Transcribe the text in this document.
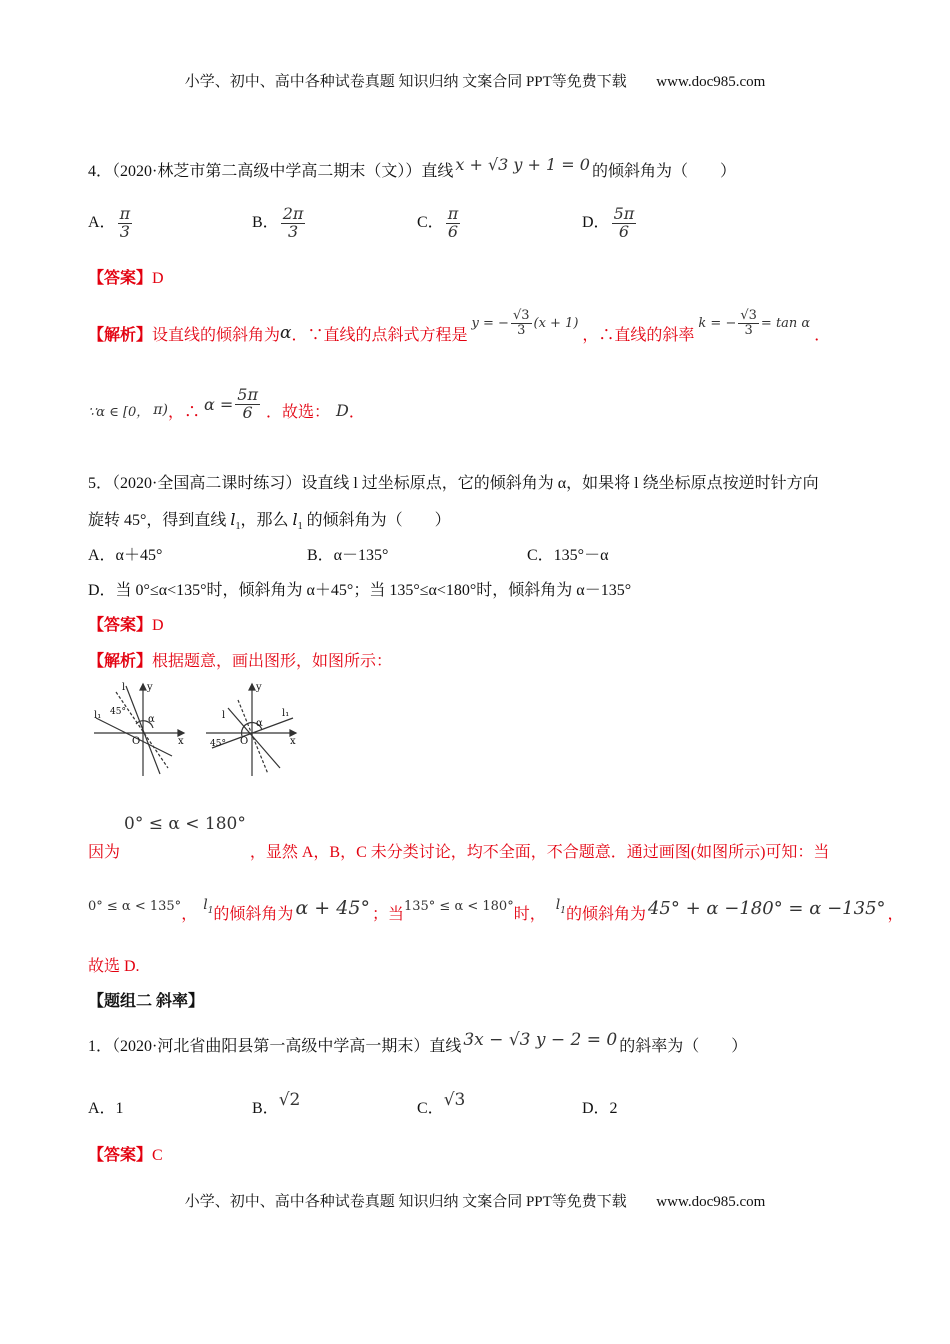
小学、初中、高中各种试卷真题 知识归纳 文案合同 PPT等免费下载 www.doc985.com
4．（2020·林芝市第二高级中学高二期末（文））直线 x + √3 y + 1 = 0 的倾斜角为（　　）
A． $\frac{\pi}{3}$	B． $\frac{2\pi}{3}$	C． $\frac{\pi}{6}$	D． $\frac{5\pi}{6}$
【答案】D
【解析】 设直线的倾斜角为 α ．∵直线的点斜式方程是
y = − $\frac{√3}{3} (x + 1)$
，∴直线的斜率
k = − $\frac{√3}{3} = \tan \alpha$
．
∵α ∈ [0， π) ，∴ $\alpha = \frac{5\pi}{6}$ ．故选： D ．
5．（2020·全国高二课时练习）设直线 l 过坐标原点，它的倾斜角为 α，如果将 l 绕坐标原点按逆时针方向
旋转 45°，得到直线 $l_1$，那么 $l_1$ 的倾斜角为（　　）
A．α＋45°	B．α－135°	C．135°－α
D．当 0°≤α<135°时，倾斜角为 α＋45°；当 135°≤α<180°时，倾斜角为 α－135°
【答案】D
【解析】根据题意，画出图形，如图所示：
y
x
O
l
l₁ 45°
α
y
x
O
l	l₁
45°
α
因为
0° ≤ α < 180°
，显然 A，B，C 未分类讨论，均不全面，不合题意．通过画图(如图所示)可知：当
0° ≤ α < 135° ，
$l_1$ 的倾斜角为 α + 45° ；当 135° ≤ α < 180° 时，
$l_1$ 的倾斜角为 45° + α −180° = α −135° ，
故选 D.
【题组二 斜率】
1．（2020·河北省曲阳县第一高级中学高一期末）直线 3x − √3 y − 2 = 0 的斜率为（　　）
A．1	B．√2	C．√3	D．2
【答案】C
小学、初中、高中各种试卷真题 知识归纳 文案合同 PPT等免费下载 www.doc985.com
